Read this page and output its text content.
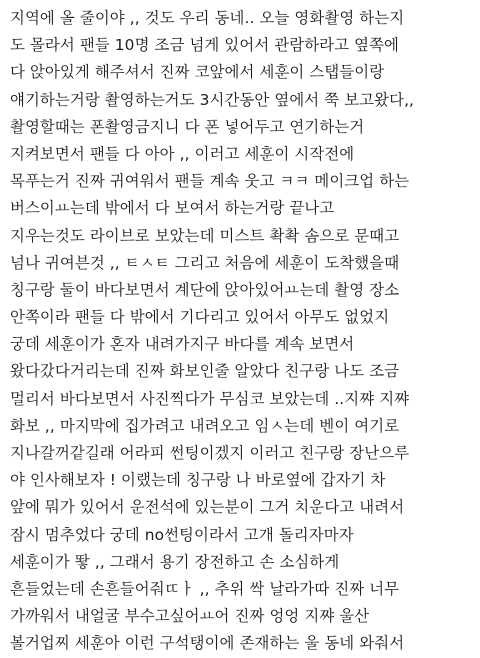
지역에 올 줄이야 ,, 것도 우리 동네.. 오늘 영화촬영 하는지
도 몰라서 팬들 10명 조금 넘게 있어서 관람하라고 옆쪽에
다 앉아있게 해주셔서 진짜 코앞에서 세훈이 스탭들이랑
얘기하는거랑 촬영하는거도 3시간동안 옆에서 쭉 보고왔다,,
촬영할때는 폰촬영금지니 다 폰 넣어두고 연기하는거
지켜보면서 팬들 다 아아 ,, 이러고 세훈이 시작전에
목푸는거 진짜 귀여워서 팬들 계속 웃고 ㅋㅋ 메이크업 하는
버스이ㅛ는데 밖에서 다 보여서 하는거랑 끝나고
지우는것도 라이브로 보았는데 미스트 촥촥 솜으로 문때고
넘나 귀여븐것 ,, ㅌㅅㅌ 그리고 처음에 세훈이 도착했을때
칭구랑 둘이 바다보면서 계단에 앉아있어ㅛ는데 촬영 장소
안쪽이라 팬들 다 밖에서 기다리고 있어서 아무도 없었지
궁데 세훈이가 혼자 내려가지구 바다를 계속 보면서
왔다갔다거리는데 진짜 화보인줄 알았다 친구랑 나도 조금
멀리서 바다보면서 사진찍다가 무심코 보았는데 ..지쨔 지쨔
화보 ,, 마지막에 집가려고 내려오고 임ㅅ는데 벤이 여기로
지나갈꺼같길래 어라피 썬팅이겠지 이러고 친구랑 장난으루
야 인사해보자 ! 이랬는데 칭구랑 나 바로옆에 갑자기 차
앞에 뭐가 있어서 운전석에 있는분이 그거 치운다고 내려서
잠시 멈추었다 궁데 no썬팅이라서 고개 돌리자마자
세훈이가 뙇 ,, 그래서 용기 장전하고 손 소심하게
흔들었는데 손흔들어줘ㄸㅏ ,, 추위 싹 날라가따 진짜 너무
가까워서 내얼굴 부수고싶어ㅛ어 진짜 엉엉 지쨔 울산
볼거업찌 세훈아 이런 구석탱이에 존재하는 울 동네 와줘서
